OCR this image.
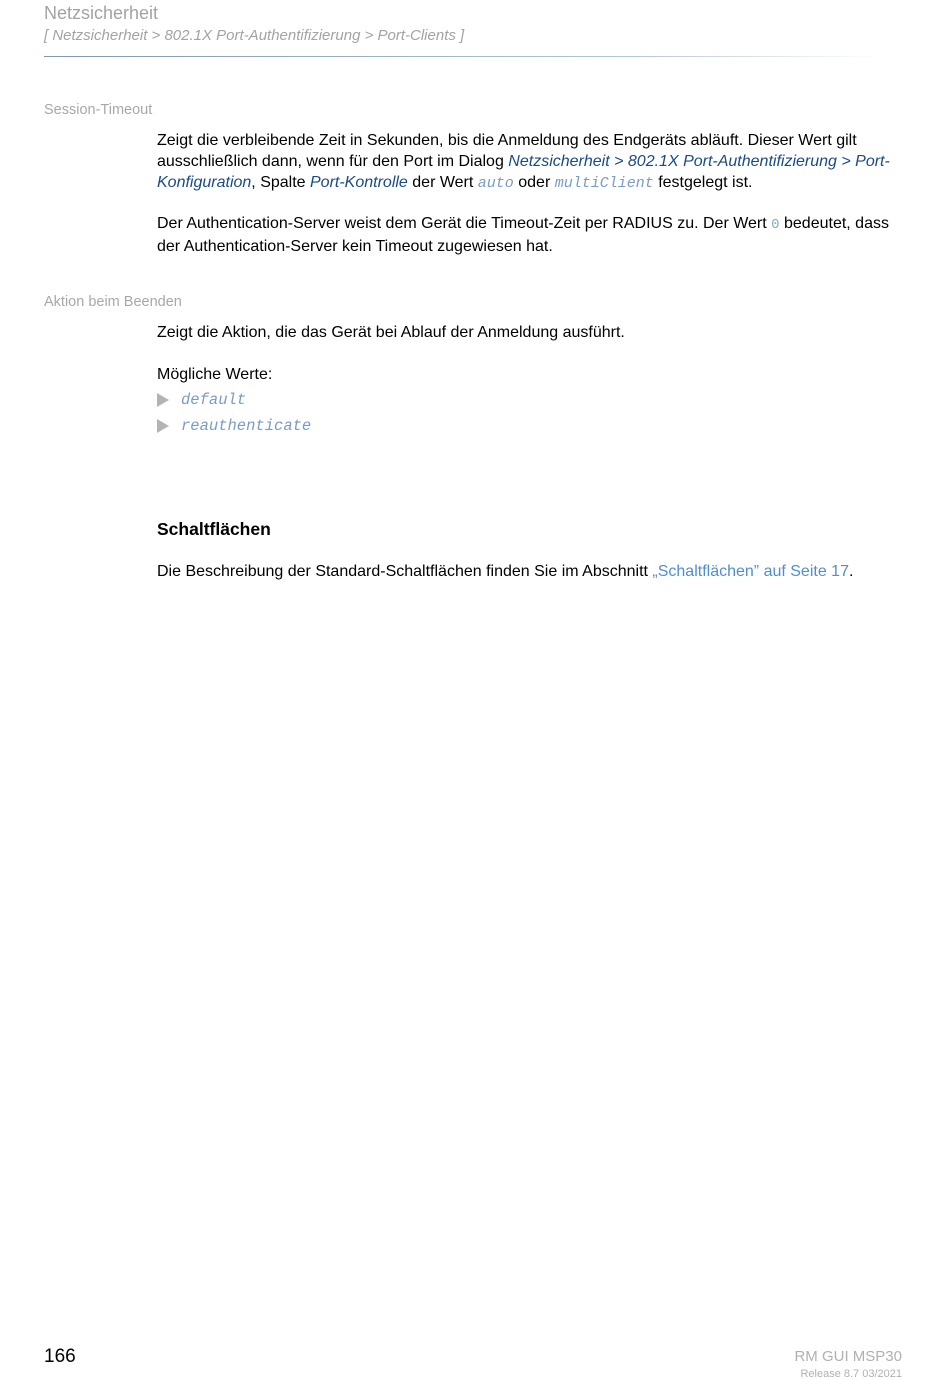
Netzsicherheit
[ Netzsicherheit > 802.1X Port-Authentifizierung > Port-Clients ]
Session-Timeout
Zeigt die verbleibende Zeit in Sekunden, bis die Anmeldung des Endgeräts abläuft. Dieser Wert gilt ausschließlich dann, wenn für den Port im Dialog Netzsicherheit > 802.1X Port-Authentifizierung > Port-Konfiguration, Spalte Port-Kontrolle der Wert auto oder multiClient festgelegt ist.
Der Authentication-Server weist dem Gerät die Timeout-Zeit per RADIUS zu. Der Wert 0 bedeutet, dass der Authentication-Server kein Timeout zugewiesen hat.
Aktion beim Beenden
Zeigt die Aktion, die das Gerät bei Ablauf der Anmeldung ausführt.
Mögliche Werte:
default
reauthenticate
Schaltflächen
Die Beschreibung der Standard-Schaltflächen finden Sie im Abschnitt „Schaltflächen” auf Seite 17.
166	RM GUI MSP30
Release 8.7 03/2021
